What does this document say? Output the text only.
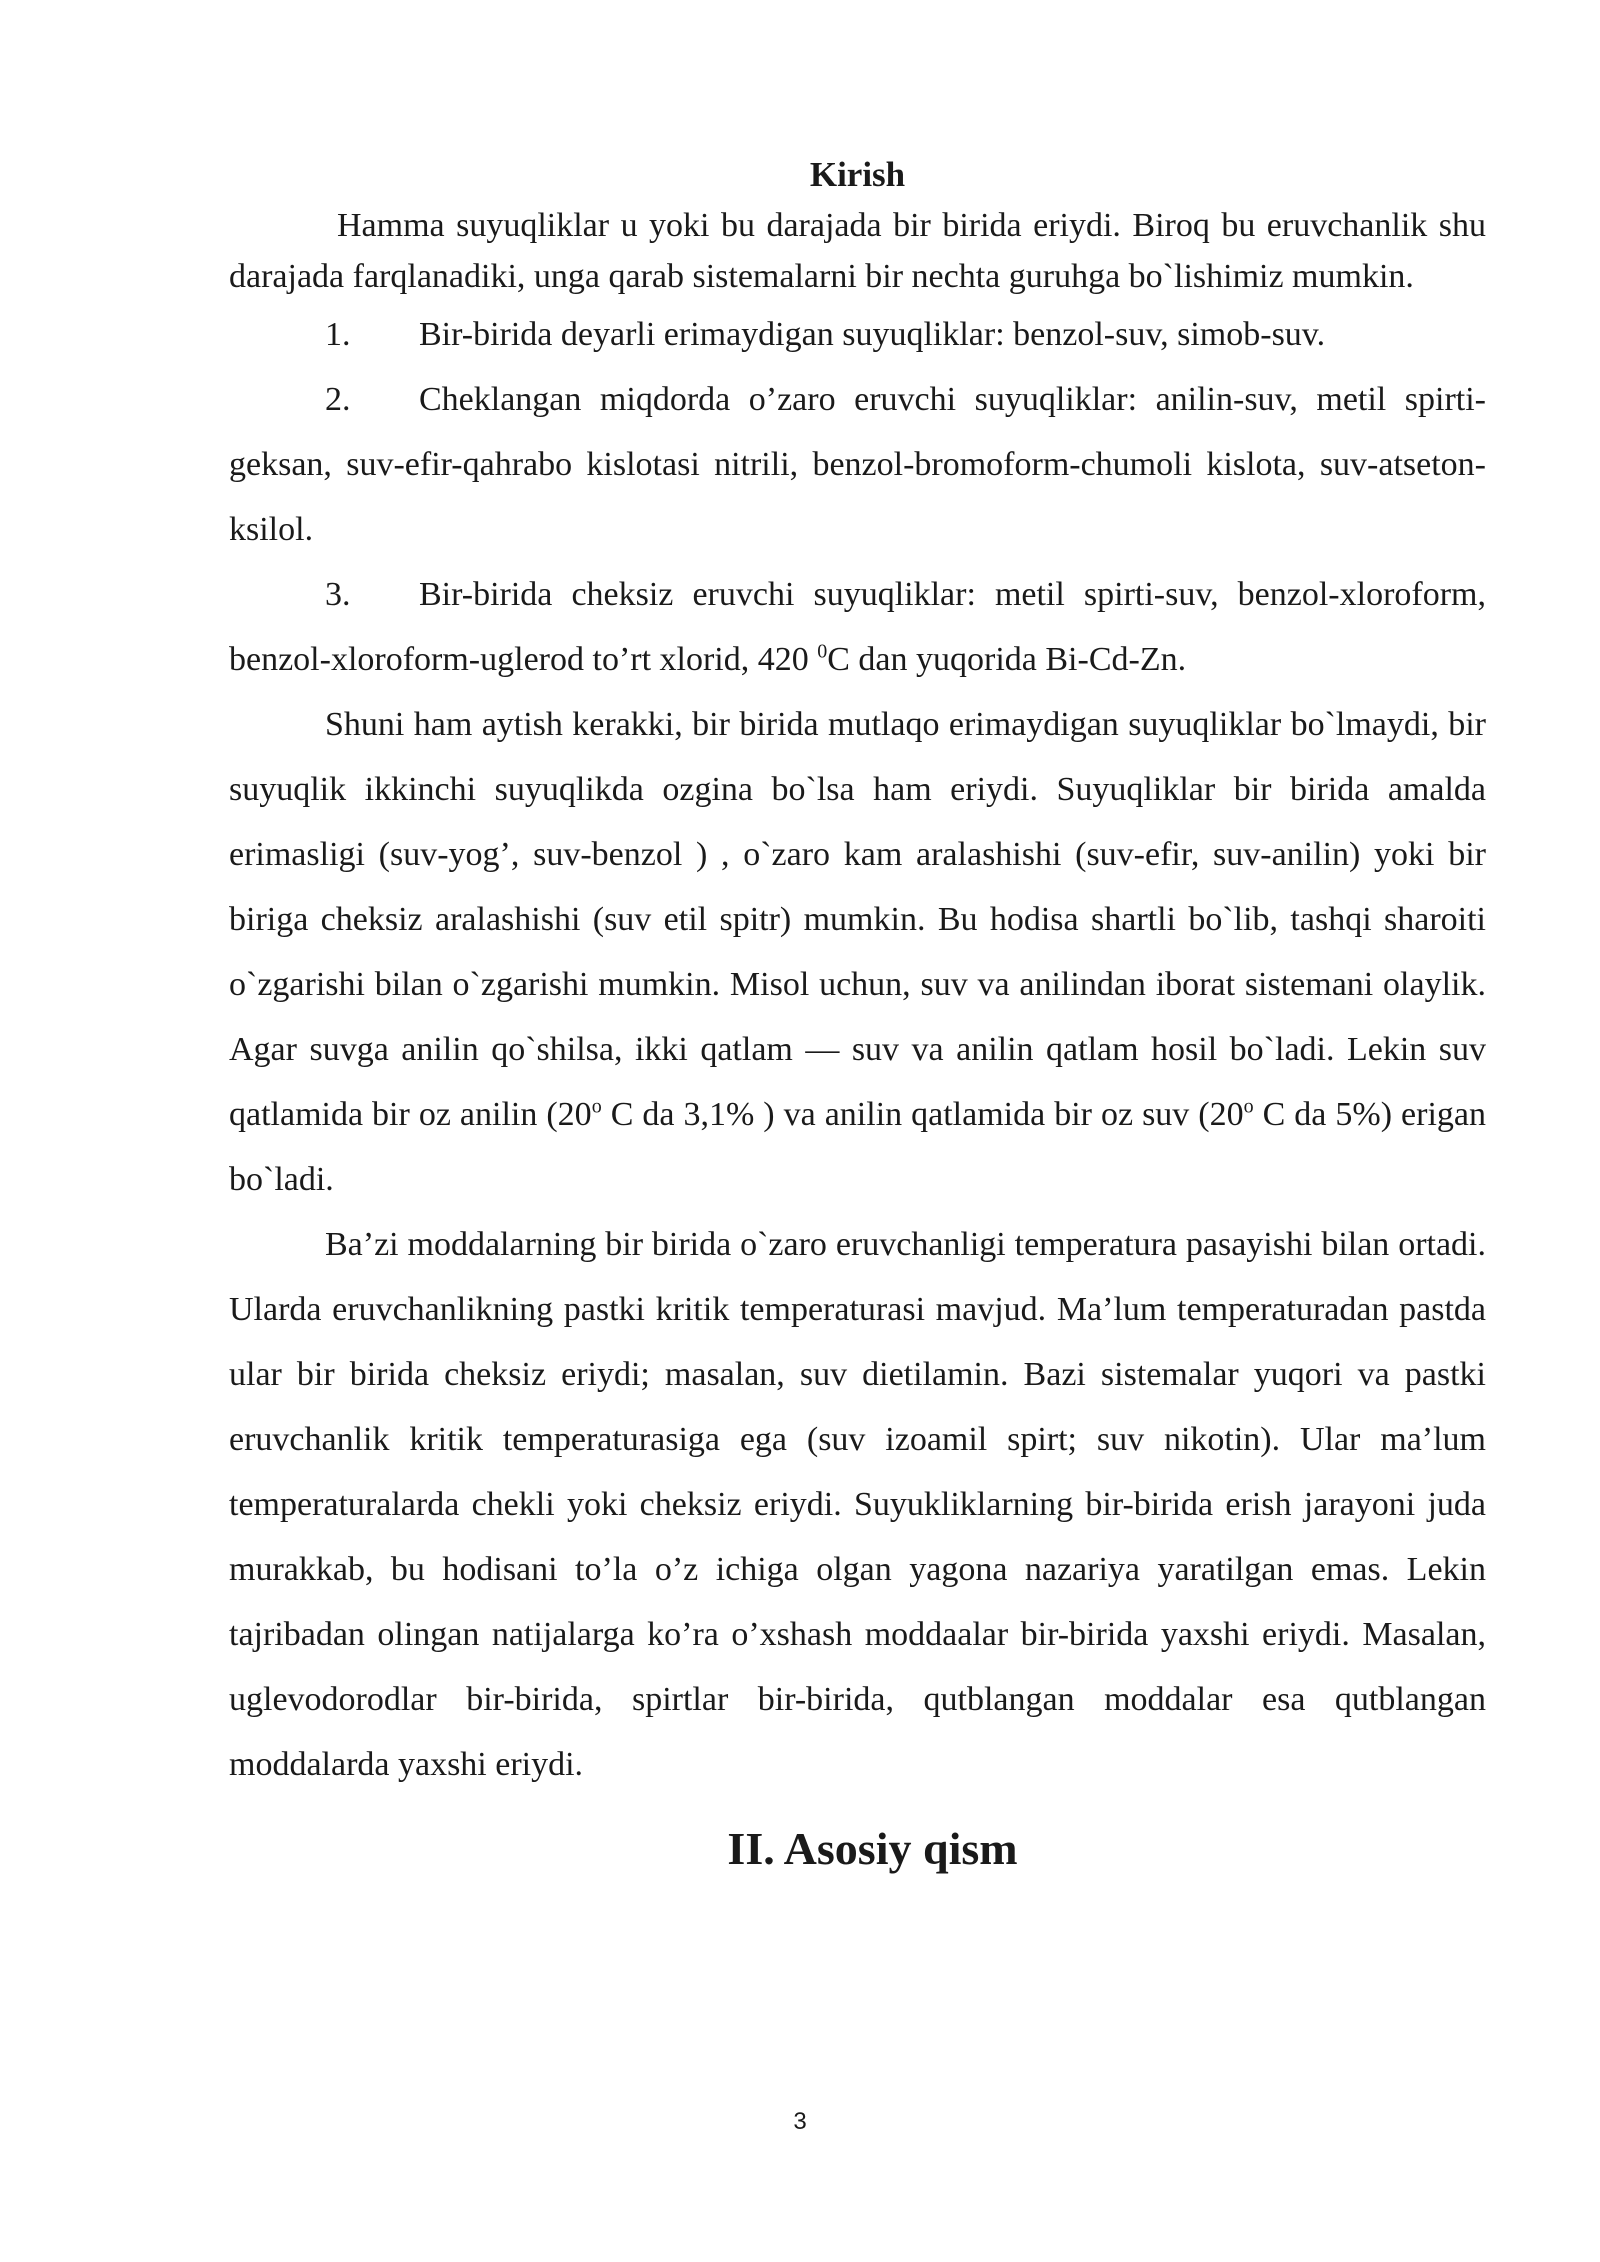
Kirish

Hamma suyuqliklar u yoki bu darajada bir birida eriydi. Biroq bu eruvchanlik shu darajada farqlanadiki, unga qarab sistemalarni bir nechta guruhga bo`lishimiz mumkin.

1. Bir-birida deyarli erimaydigan suyuqliklar: benzol-suv, simob-suv.

2. Cheklangan miqdorda o’zaro eruvchi suyuqliklar: anilin-suv, metil spirti-geksan, suv-efir-qahrabo kislotasi nitrili, benzol-bromoform-chumoli kislota, suv-atseton-ksilol.

3. Bir-birida cheksiz eruvchi suyuqliklar: metil spirti-suv, benzol-xloroform, benzol-xloroform-uglerod to’rt xlorid, 420 $^0$C dan yuqorida Bi-Cd-Zn.

Shuni ham aytish kerakki, bir birida mutlaqo erimaydigan suyuqliklar bo`lmaydi, bir suyuqlik ikkinchi suyuqlikda ozgina bo`lsa ham eriydi. Suyuqliklar bir birida amalda erimasligi (suv-yog’, suv-benzol ) , o`zaro kam aralashishi (suv-efir, suv-anilin) yoki bir biriga cheksiz aralashishi (suv etil spitr) mumkin. Bu hodisa shartli bo`lib, tashqi sharoiti o`zgarishi bilan o`zgarishi mumkin. Misol uchun, suv va anilindan iborat sistemani olaylik. Agar suvga anilin qo`shilsa, ikki qatlam — suv va anilin qatlam hosil bo`ladi. Lekin suv qatlamida bir oz anilin (20$^o$ C da 3,1% ) va anilin qatlamida bir oz suv (20$^o$ C da 5%) erigan bo`ladi.

Ba’zi moddalarning bir birida o`zaro eruvchanligi temperatura pasayishi bilan ortadi. Ularda eruvchanlikning pastki kritik temperaturasi mavjud. Ma’lum temperaturadan pastda ular bir birida cheksiz eriydi; masalan, suv dietilamin. Bazi sistemalar yuqori va pastki eruvchanlik kritik temperaturasiga ega (suv izoamil spirt; suv nikotin). Ular ma’lum temperaturalarda chekli yoki cheksiz eriydi. Suyukliklarning bir-birida erish jarayoni juda murakkab, bu hodisani to’la o’z ichiga olgan yagona nazariya yaratilgan emas. Lekin tajribadan olingan natijalarga ko’ra o’xshash moddaalar bir-birida yaxshi eriydi. Masalan, uglevodorodlar bir-birida, spirtlar bir-birida, qutblangan moddalar esa qutblangan moddalarda yaxshi eriydi.

II. Asosiy qism
3
